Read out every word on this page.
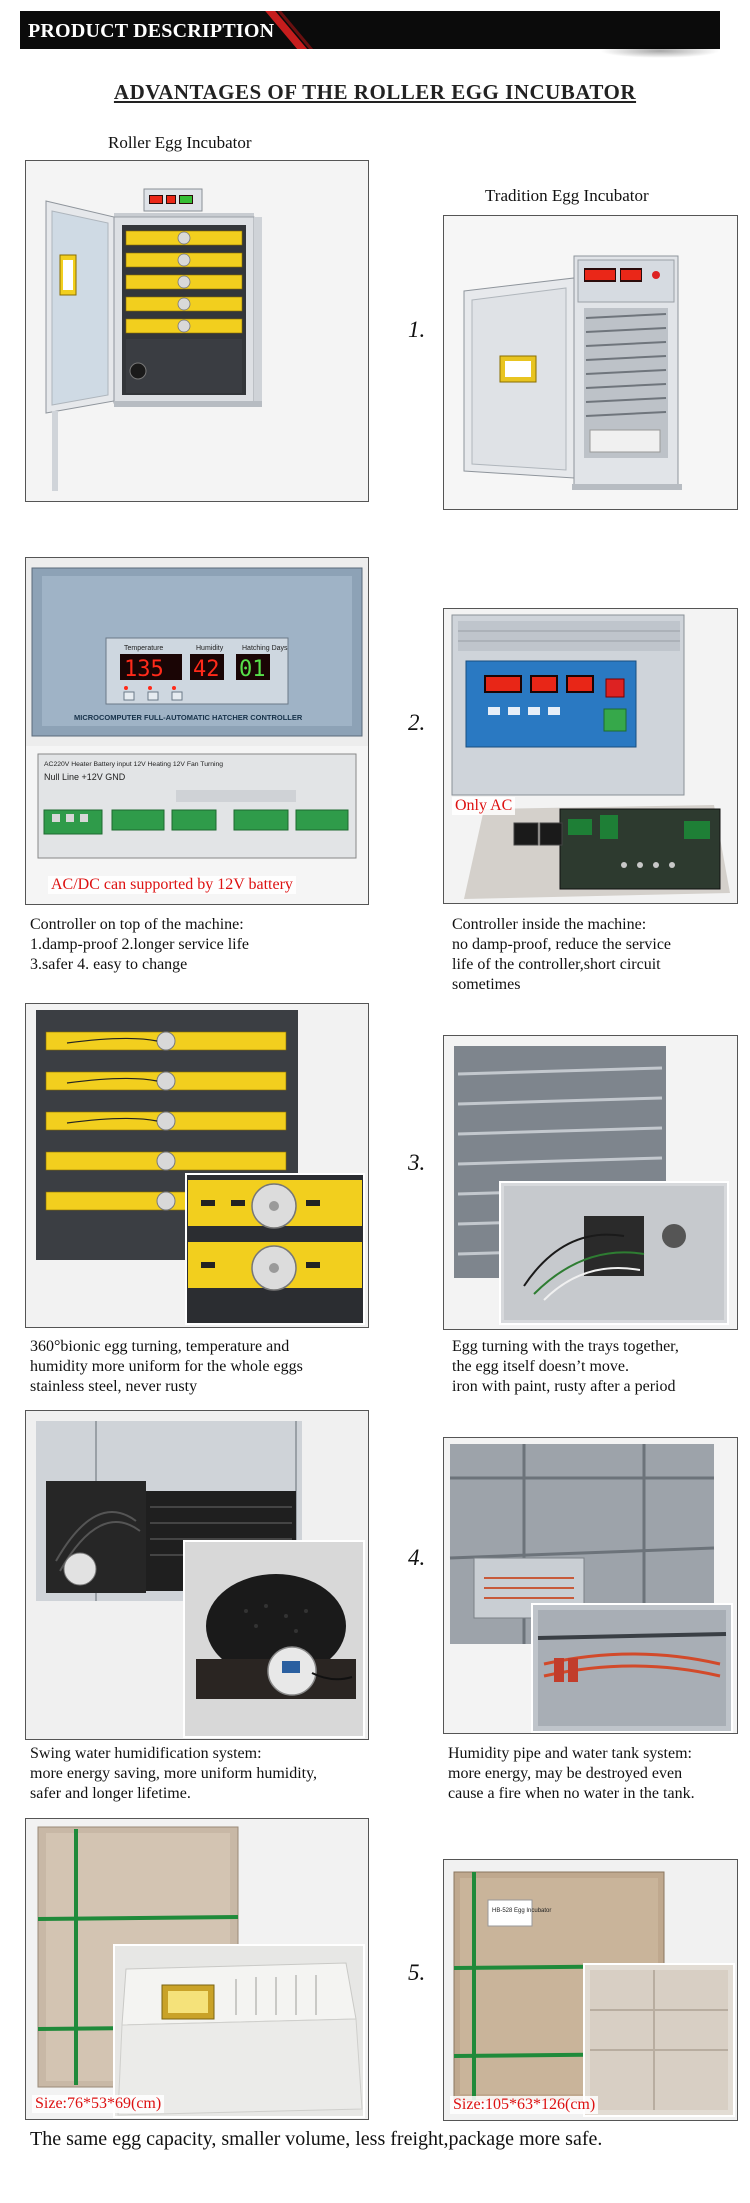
PRODUCT DESCRIPTION
ADVANTAGES OF THE ROLLER EGG INCUBATOR
Roller Egg Incubator
Tradition Egg Incubator
1.
Temperature	Humidity	Hatching Days
135 42 01
MICROCOMPUTER FULL-AUTOMATIC HATCHER CONTROLLER
AC220V Heater Battery input 12V Heating 12V Fan Turning
Null Line +12V GND
AC/DC can supported by 12V battery
2.
Only AC
Controller on top of the machine:
1.damp-proof 2.longer service life
3.safer 4. easy to change
Controller inside the machine:
no damp-proof, reduce the service
life of the controller,short circuit
sometimes
3.
360°bionic egg turning, temperature and
humidity more uniform for the whole eggs
stainless steel, never rusty
Egg turning with the trays together,
the egg itself doesn’t move.
iron with paint, rusty after a period
4.
Swing water humidification system:
more energy saving, more uniform humidity,
safer and longer lifetime.
Humidity pipe and water tank system:
more energy, may be destroyed even
cause a fire when no water in the tank.
Size:76*53*69(cm)
5.
HB-528 Egg Incubator
Size:105*63*126(cm)
The same egg capacity, smaller volume, less freight,package more safe.
